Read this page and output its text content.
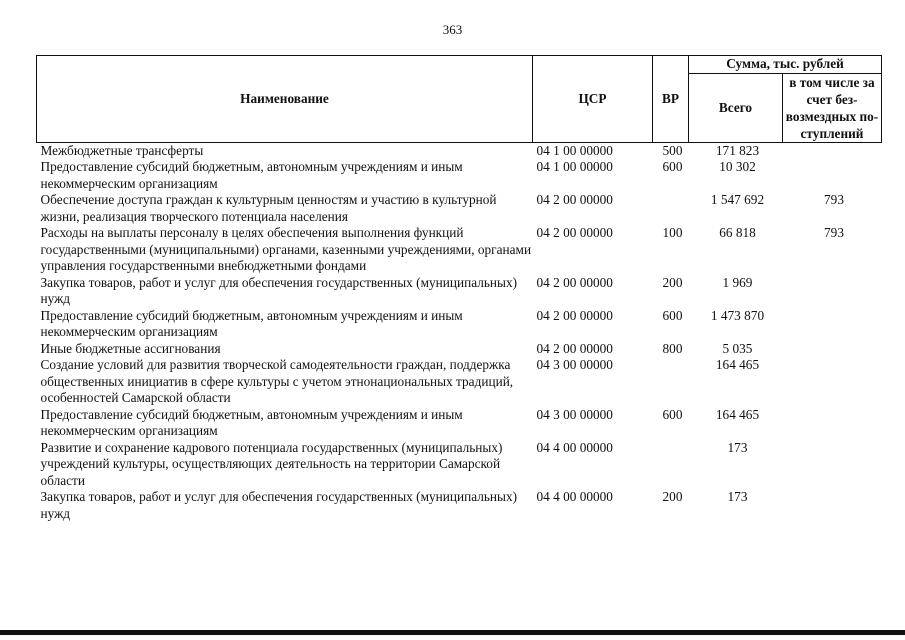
363
Наименование	ЦСР	ВР	Сумма, тыс. рублей	
			Всего	в том числе за счет без-возмездных по-ступлений
Межбюджетные трансферты	04 1 00 00000	500	171 823	
Предоставление субсидий бюджетным, автономным учреждениям и иным некоммерческим организациям	04 1 00 00000	600	10 302	
Обеспечение доступа граждан к культурным ценностям и участию в культурной жизни, реализация творческого потенциала населения	04 2 00 00000		1 547 692	793
Расходы на выплаты персоналу в целях обеспечения выполнения функций государственными (муниципальными) органами, казенными учреждениями, органами управления государственными внебюджетными фондами	04 2 00 00000	100	66 818	793
Закупка товаров, работ и услуг для обеспечения государственных (муниципальных) нужд	04 2 00 00000	200	1 969	
Предоставление субсидий бюджетным, автономным учреждениям и иным некоммерческим организациям	04 2 00 00000	600	1 473 870	
Иные бюджетные ассигнования	04 2 00 00000	800	5 035	
Создание условий для развития творческой самодеятельности граждан, поддержка общественных инициатив в сфере культуры с учетом этнонациональных традиций, особенностей Самарской области	04 3 00 00000		164 465	
Предоставление субсидий бюджетным, автономным учреждениям и иным некоммерческим организациям	04 3 00 00000	600	164 465	
Развитие и сохранение кадрового потенциала государственных (муниципальных) учреждений культуры, осуществляющих деятельность на территории Самарской области	04 4 00 00000		173	
Закупка товаров, работ и услуг для обеспечения государственных (муниципальных) нужд	04 4 00 00000	200	173	
